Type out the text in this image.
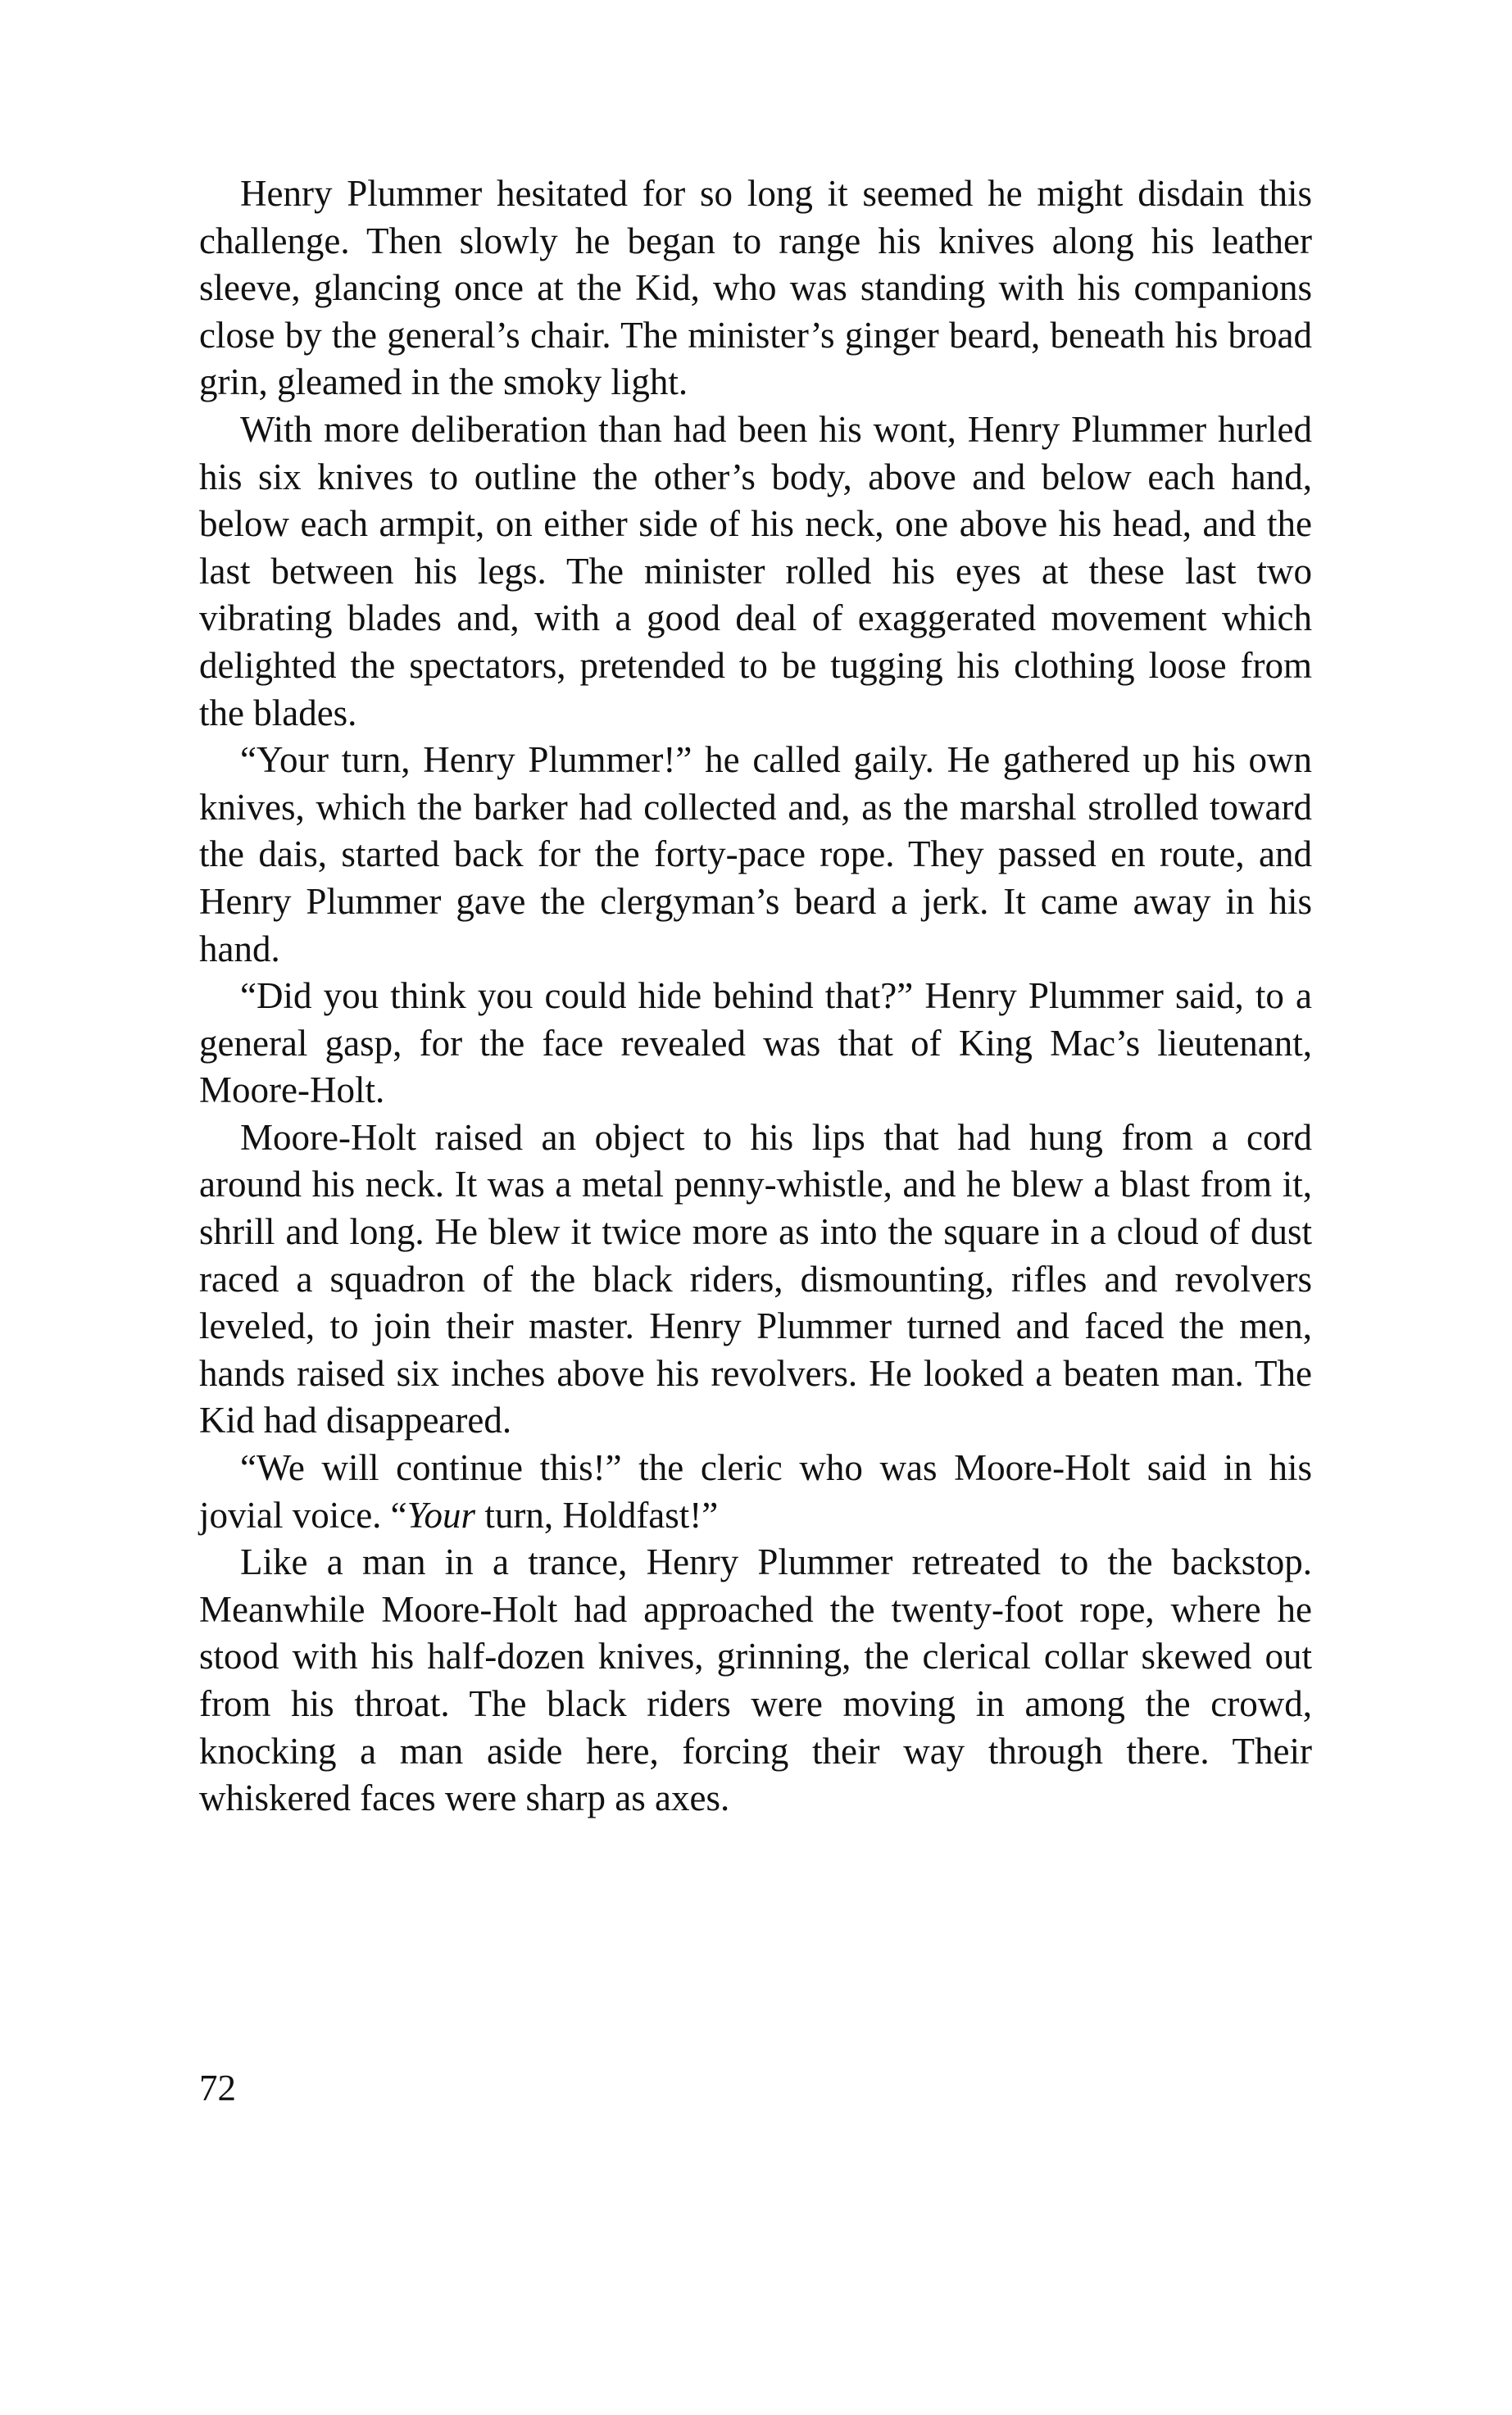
Henry Plummer hesitated for so long it seemed he might disdain this challenge. Then slowly he began to range his knives along his leather sleeve, glancing once at the Kid, who was standing with his companions close by the general’s chair. The minister’s ginger beard, beneath his broad grin, gleamed in the smoky light.

With more deliberation than had been his wont, Henry Plummer hurled his six knives to outline the other’s body, above and below each hand, below each armpit, on either side of his neck, one above his head, and the last between his legs. The minister rolled his eyes at these last two vibrating blades and, with a good deal of exaggerated movement which delighted the spectators, pretended to be tugging his clothing loose from the blades.

“Your turn, Henry Plummer!” he called gaily. He gathered up his own knives, which the barker had collected and, as the marshal strolled toward the dais, started back for the forty-pace rope. They passed en route, and Henry Plummer gave the clergyman’s beard a jerk. It came away in his hand.

“Did you think you could hide behind that?” Henry Plummer said, to a general gasp, for the face revealed was that of King Mac’s lieutenant, Moore-Holt.

Moore-Holt raised an object to his lips that had hung from a cord around his neck. It was a metal penny-whistle, and he blew a blast from it, shrill and long. He blew it twice more as into the square in a cloud of dust raced a squadron of the black riders, dismounting, rifles and revolvers leveled, to join their master. Henry Plummer turned and faced the men, hands raised six inches above his revolvers. He looked a beaten man. The Kid had disappeared.

“We will continue this!” the cleric who was Moore-Holt said in his jovial voice. “Your turn, Holdfast!”

Like a man in a trance, Henry Plummer retreated to the backstop. Meanwhile Moore-Holt had approached the twenty-foot rope, where he stood with his half-dozen knives, grinning, the clerical collar skewed out from his throat. The black riders were moving in among the crowd, knocking a man aside here, forcing their way through there. Their whiskered faces were sharp as axes.

72
